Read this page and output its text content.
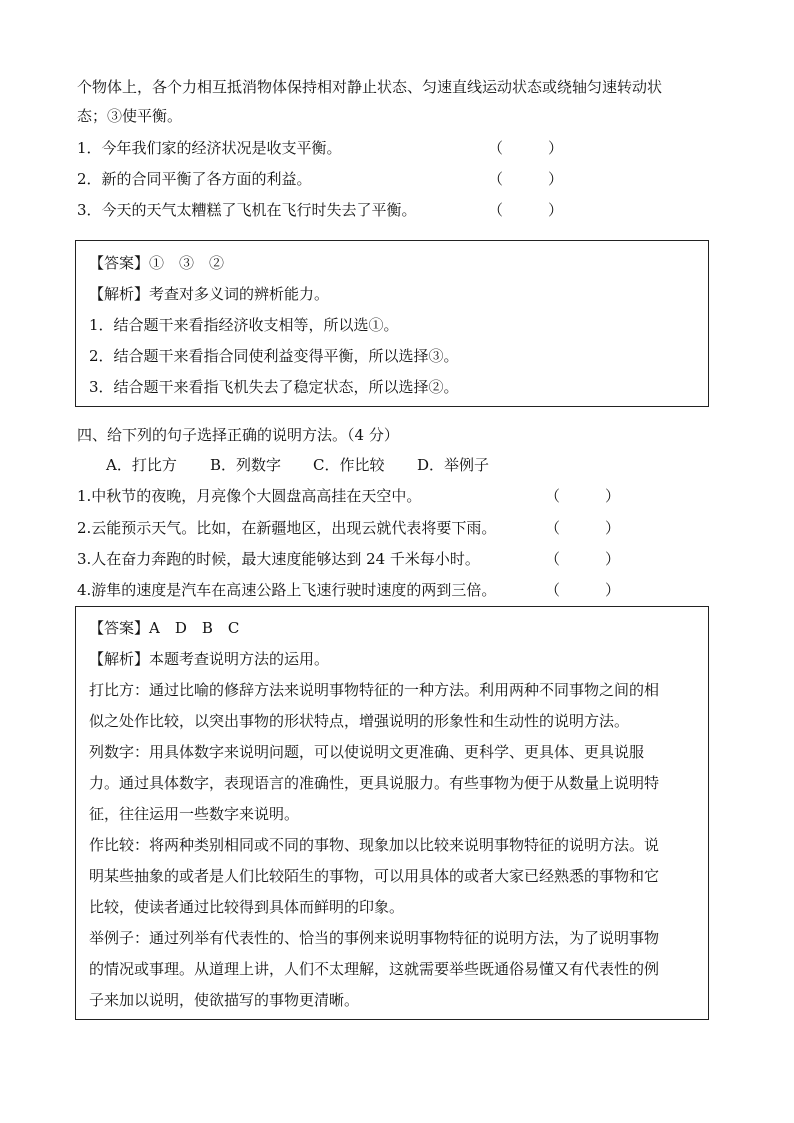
个物体上，各个力相互抵消物体保持相对静止状态、匀速直线运动状态或绕轴匀速转动状
态；③使平衡。
1．今年我们家的经济状况是收支平衡。	（　　　）
2．新的合同平衡了各方面的利益。	（　　　）
3．今天的天气太糟糕了飞机在飞行时失去了平衡。	（　　　）
【答案】①　③　②
【解析】考查对多义词的辨析能力。
1．结合题干来看指经济收支相等，所以选①。
2．结合题干来看指合同使利益变得平衡，所以选择③。
3．结合题干来看指飞机失去了稳定状态，所以选择②。
四、给下列的句子选择正确的说明方法。（4 分）
A．打比方 B．列数字 C．作比较 D．举例子
1.中秋节的夜晚，月亮像个大圆盘高高挂在天空中。	（　　　）
2.云能预示天气。比如，在新疆地区，出现云就代表将要下雨。	（　　　）
3.人在奋力奔跑的时候，最大速度能够达到 24 千米每小时。	（　　　）
4.游隼的速度是汽车在高速公路上飞速行驶时速度的两到三倍。	（　　　）
【答案】A　D　B　C
【解析】本题考查说明方法的运用。
打比方：通过比喻的修辞方法来说明事物特征的一种方法。利用两种不同事物之间的相
似之处作比较，以突出事物的形状特点，增强说明的形象性和生动性的说明方法。
列数字：用具体数字来说明问题，可以使说明文更准确、更科学、更具体、更具说服
力。通过具体数字，表现语言的准确性，更具说服力。有些事物为便于从数量上说明特
征，往往运用一些数字来说明。
作比较：将两种类别相同或不同的事物、现象加以比较来说明事物特征的说明方法。说
明某些抽象的或者是人们比较陌生的事物，可以用具体的或者大家已经熟悉的事物和它
比较，使读者通过比较得到具体而鲜明的印象。
举例子：通过列举有代表性的、恰当的事例来说明事物特征的说明方法，为了说明事物
的情况或事理。从道理上讲，人们不太理解，这就需要举些既通俗易懂又有代表性的例
子来加以说明，使欲描写的事物更清晰。
